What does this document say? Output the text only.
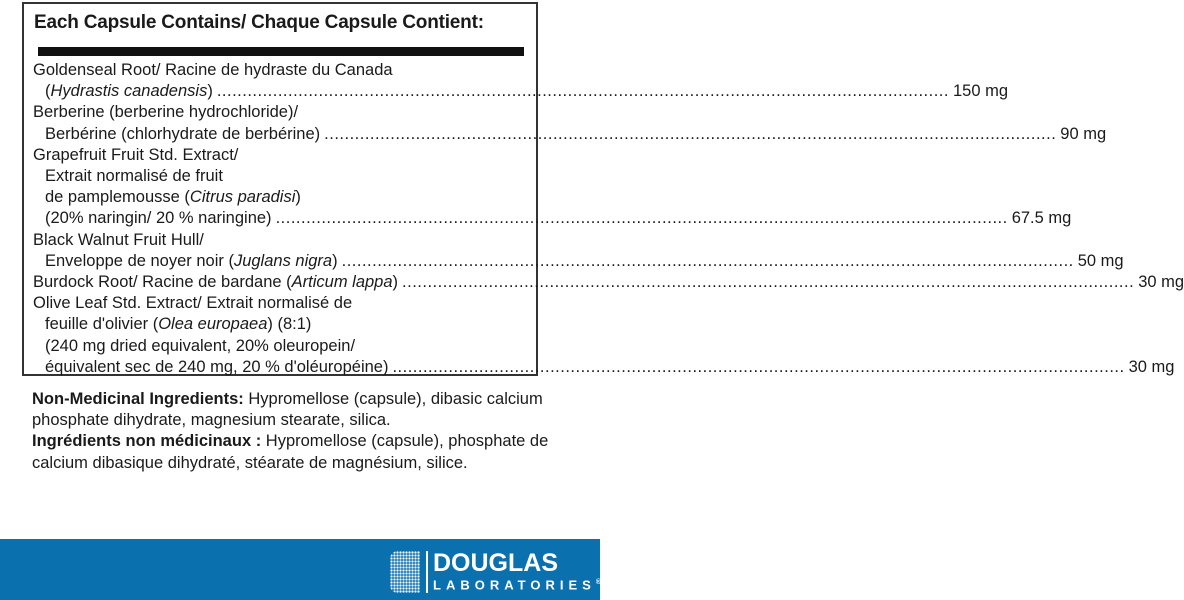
Each Capsule Contains/ Chaque Capsule Contient:
Goldenseal Root/ Racine de hydraste du Canada
(Hydrastis canadensis) .....	150 mg
Berberine (berberine hydrochloride)/
Berbérine (chlorhydrate de berbérine) .....	90 mg
Grapefruit Fruit Std. Extract/
Extrait normalisé de fruit
de pamplemousse (Citrus paradisi)
(20% naringin/ 20 % naringine) .....	67.5 mg
Black Walnut Fruit Hull/
Enveloppe de noyer noir (Juglans nigra) .....	50 mg
Burdock Root/ Racine de bardane (Articum lappa) .....	30 mg
Olive Leaf Std. Extract/ Extrait normalisé de
feuille d'olivier (Olea europaea) (8:1)
(240 mg dried equivalent, 20% oleuropein/
équivalent sec de 240 mg, 20 % d'oléuropéine) .....	30 mg
Non-Medicinal Ingredients: Hypromellose (capsule), dibasic calcium phosphate dihydrate, magnesium stearate, silica.
Ingrédients non médicinaux : Hypromellose (capsule), phosphate de calcium dibasique dihydraté, stéarate de magnésium, silice.
DOUGLAS
LABORATORIES®
